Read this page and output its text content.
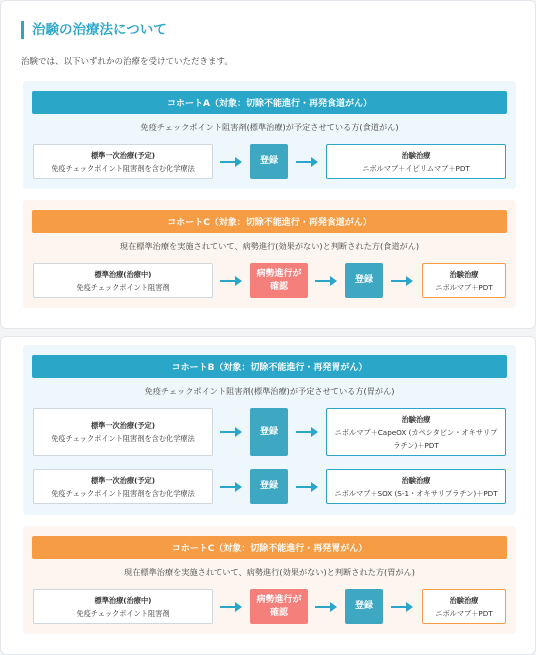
治験の治療法について
治験では、以下いずれかの治療を受けていただきます。
コホートA（対象：切除不能進行・再発食道がん）
免疫チェックポイント阻害剤(標準治療)が予定させている方(食道がん)
標準一次治療(予定)
免疫チェックポイント阻害剤を含む化学療法
登録
治験治療
ニボルマブ＋イピリムマブ＋PDT
コホートC（対象：切除不能進行・再発食道がん）
現在標準治療を実施されていて、病勢進行(効果がない)と判断された方(食道がん)
標準治療(治療中)
免疫チェックポイント阻害剤
病勢進行が
確認
登録
治験治療
ニボルマブ＋PDT
コホートB（対象：切除不能進行・再発胃がん）
免疫チェックポイント阻害剤(標準治療)が予定させている方(胃がん)
標準一次治療(予定)
免疫チェックポイント阻害剤を含む化学療法
登録
治験治療
ニボルマブ＋CapeOX (カペシタビン・オキサリプ
ラチン)＋PDT
標準一次治療(予定)
免疫チェックポイント阻害剤を含む化学療法
登録
治験治療
ニボルマブ＋SOX (S-1・オキサリプラチン)＋PDT
コホートC（対象：切除不能進行・再発胃がん）
現在標準治療を実施されていて、病勢進行(効果がない)と判断された方(胃がん)
標準治療(治療中)
免疫チェックポイント阻害剤
病勢進行が
確認
登録
治験治療
ニボルマブ＋PDT
